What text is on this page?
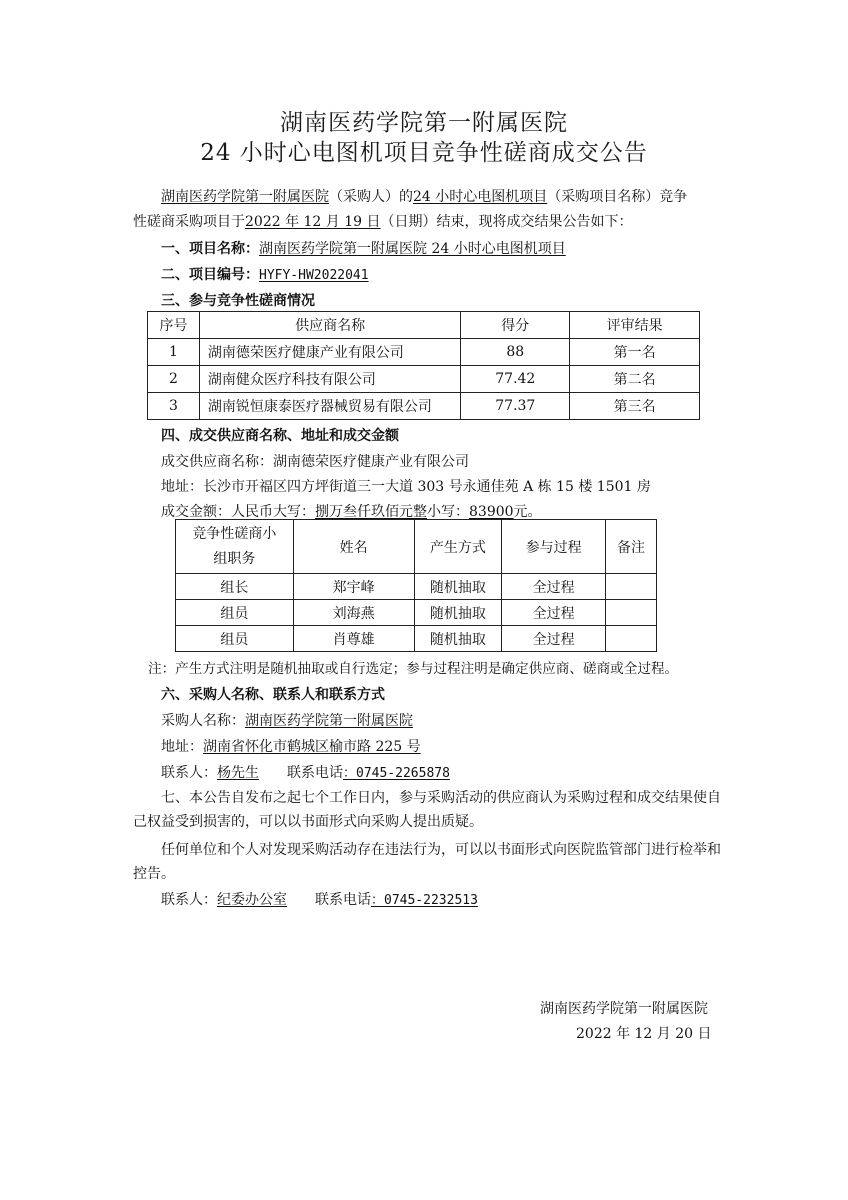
湖南医药学院第一附属医院
24 小时心电图机项目竞争性磋商成交公告
湖南医药学院第一附属医院（采购人）的24 小时心电图机项目（采购项目名称）竞争
性磋商采购项目于2022 年 12 月 19 日（日期）结束，现将成交结果公告如下：
一、项目名称：湖南医药学院第一附属医院 24 小时心电图机项目
二、项目编号：HYFY-HW2022041
三、参与竞争性磋商情况
序号	供应商名称	得分	评审结果
1	湖南德荣医疗健康产业有限公司	88	第一名
2	湖南健众医疗科技有限公司	77.42	第二名
3	湖南锐恒康泰医疗器械贸易有限公司	77.37	第三名
四、成交供应商名称、地址和成交金额
成交供应商名称：湖南德荣医疗健康产业有限公司
地址：长沙市开福区四方坪街道三一大道 303 号永通佳苑 A 栋 15 楼 1501 房
成交金额：人民币大写：捌万叁仟玖佰元整小写：83900元。
竞争性磋商小组职务	姓名	产生方式	参与过程	备注
组长	郑宇峰	随机抽取	全过程	
组员	刘海燕	随机抽取	全过程	
组员	肖尊雄	随机抽取	全过程	
注：产生方式注明是随机抽取或自行选定；参与过程注明是确定供应商、磋商或全过程。
六、采购人名称、联系人和联系方式
采购人名称：湖南医药学院第一附属医院
地址：湖南省怀化市鹤城区榆市路 225 号
联系人：杨先生 联系电话：0745-2265878
七、本公告自发布之起七个工作日内，参与采购活动的供应商认为采购过程和成交结果使自己权益受到损害的，可以以书面形式向采购人提出质疑。
任何单位和个人对发现采购活动存在违法行为，可以以书面形式向医院监管部门进行检举和控告。
联系人：纪委办公室 联系电话：0745-2232513
湖南医药学院第一附属医院
2022 年 12 月 20 日
